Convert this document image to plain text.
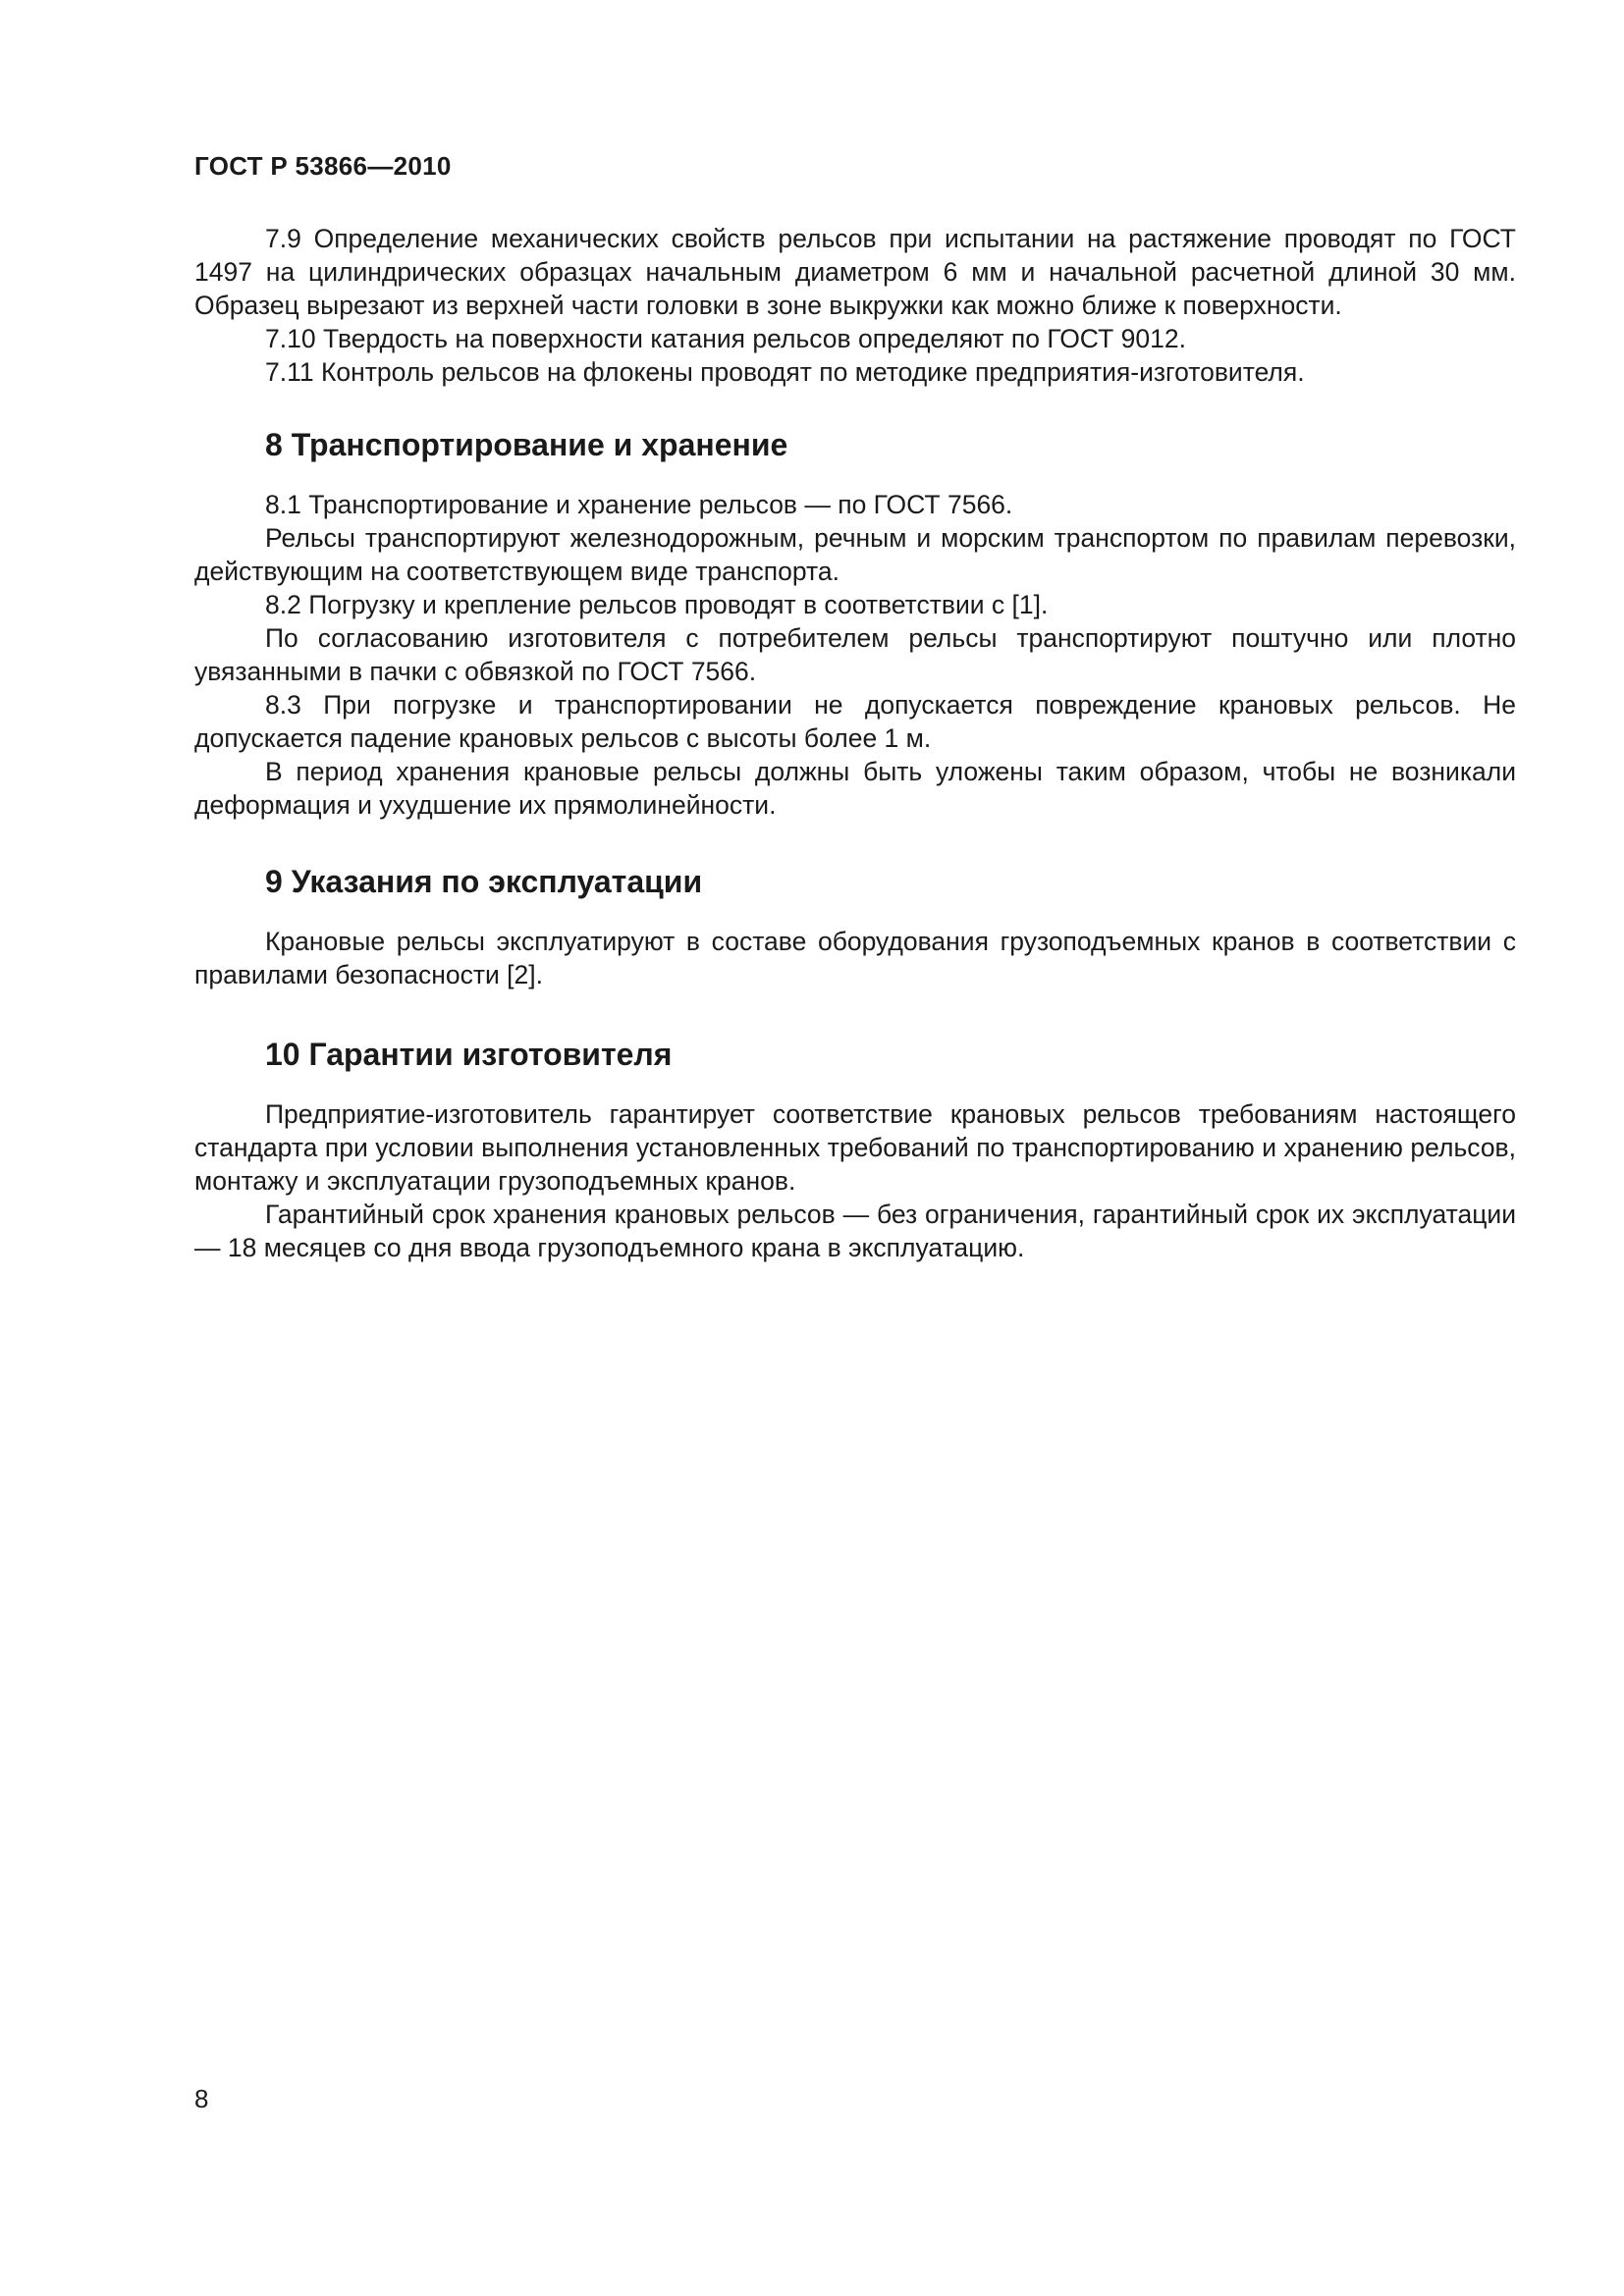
ГОСТ Р 53866—2010

7.9 Определение механических свойств рельсов при испытании на растяжение проводят по ГОСТ 1497 на цилиндрических образцах начальным диаметром 6 мм и начальной расчетной длиной 30 мм. Образец вырезают из верхней части головки в зоне выкружки как можно ближе к поверхности.

7.10 Твердость на поверхности катания рельсов определяют по ГОСТ 9012.

7.11 Контроль рельсов на флокены проводят по методике предприятия-изготовителя.

8 Транспортирование и хранение

8.1 Транспортирование и хранение рельсов — по ГОСТ 7566.

Рельсы транспортируют железнодорожным, речным и морским транспортом по правилам перевозки, действующим на соответствующем виде транспорта.

8.2 Погрузку и крепление рельсов проводят в соответствии с [1].

По согласованию изготовителя с потребителем рельсы транспортируют поштучно или плотно увязанными в пачки с обвязкой по ГОСТ 7566.

8.3 При погрузке и транспортировании не допускается повреждение крановых рельсов. Не допускается падение крановых рельсов с высоты более 1 м.

В период хранения крановые рельсы должны быть уложены таким образом, чтобы не возникали деформация и ухудшение их прямолинейности.

9 Указания по эксплуатации

Крановые рельсы эксплуатируют в составе оборудования грузоподъемных кранов в соответствии с правилами безопасности [2].

10 Гарантии изготовителя

Предприятие-изготовитель гарантирует соответствие крановых рельсов требованиям настоящего стандарта при условии выполнения установленных требований по транспортированию и хранению рельсов, монтажу и эксплуатации грузоподъемных кранов.

Гарантийный срок хранения крановых рельсов — без ограничения, гарантийный срок их эксплуатации — 18 месяцев со дня ввода грузоподъемного крана в эксплуатацию.

8
